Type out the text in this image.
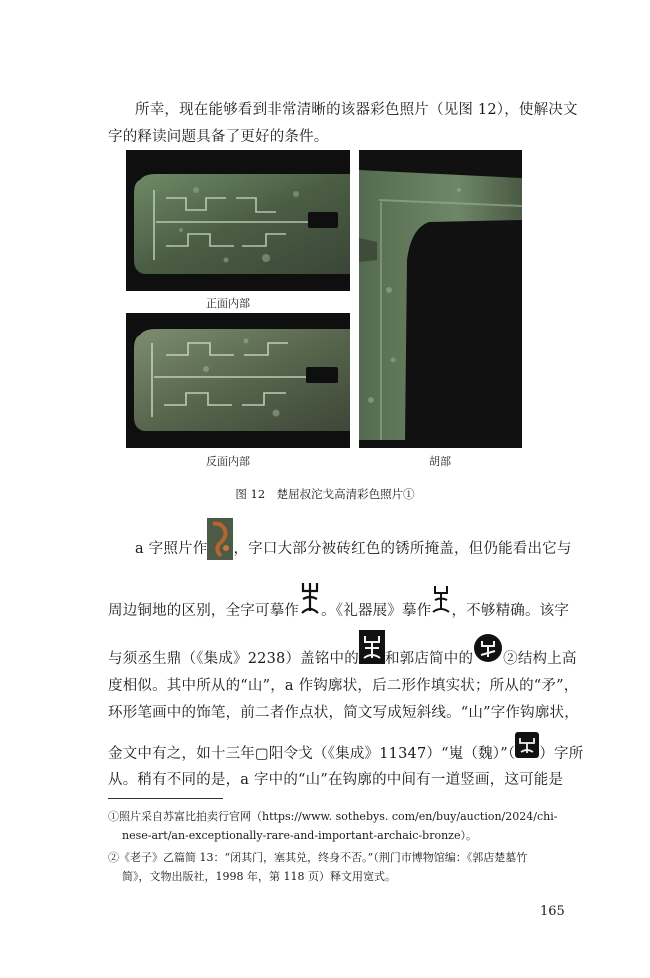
所幸，现在能够看到非常清晰的该器彩色照片（见图 12），使解决文
字的释读问题具备了更好的条件。
正面内部
反面内部	胡部
图 12　楚屈叔沱戈高清彩色照片①
a 字照片作 ，字口大部分被砖红色的锈所掩盖，但仍能看出它与
周边铜地的区别，全字可摹作 。《礼器展》摹作 ，不够精确。该字
与须丞生鼎（《集成》2238）盖铭中的 和郭店简中的 ②结构上高
度相似。其中所从的“山”，a 作钩廓状，后二形作填实状；所从的“矛”，
环形笔画中的饰笔，前二者作点状，简文写成短斜线。“山”字作钩廓状，
金文中有之，如十三年▢阳令戈（《集成》11347）“嵬（魏）”（ ）字所
从。稍有不同的是，a 字中的“山”在钩廓的中间有一道竖画，这可能是
①照片采自苏富比拍卖行官网（https://www. sothebys. com/en/buy/auction/2024/chi-
nese-art/an-exceptionally-rare-and-important-archaic-bronze）。
②《老子》乙篇简 13：“闭其门，塞其兑，终身不否。”（荆门市博物馆编：《郭店楚墓竹
简》，文物出版社，1998 年，第 118 页）释文用宽式。
165
